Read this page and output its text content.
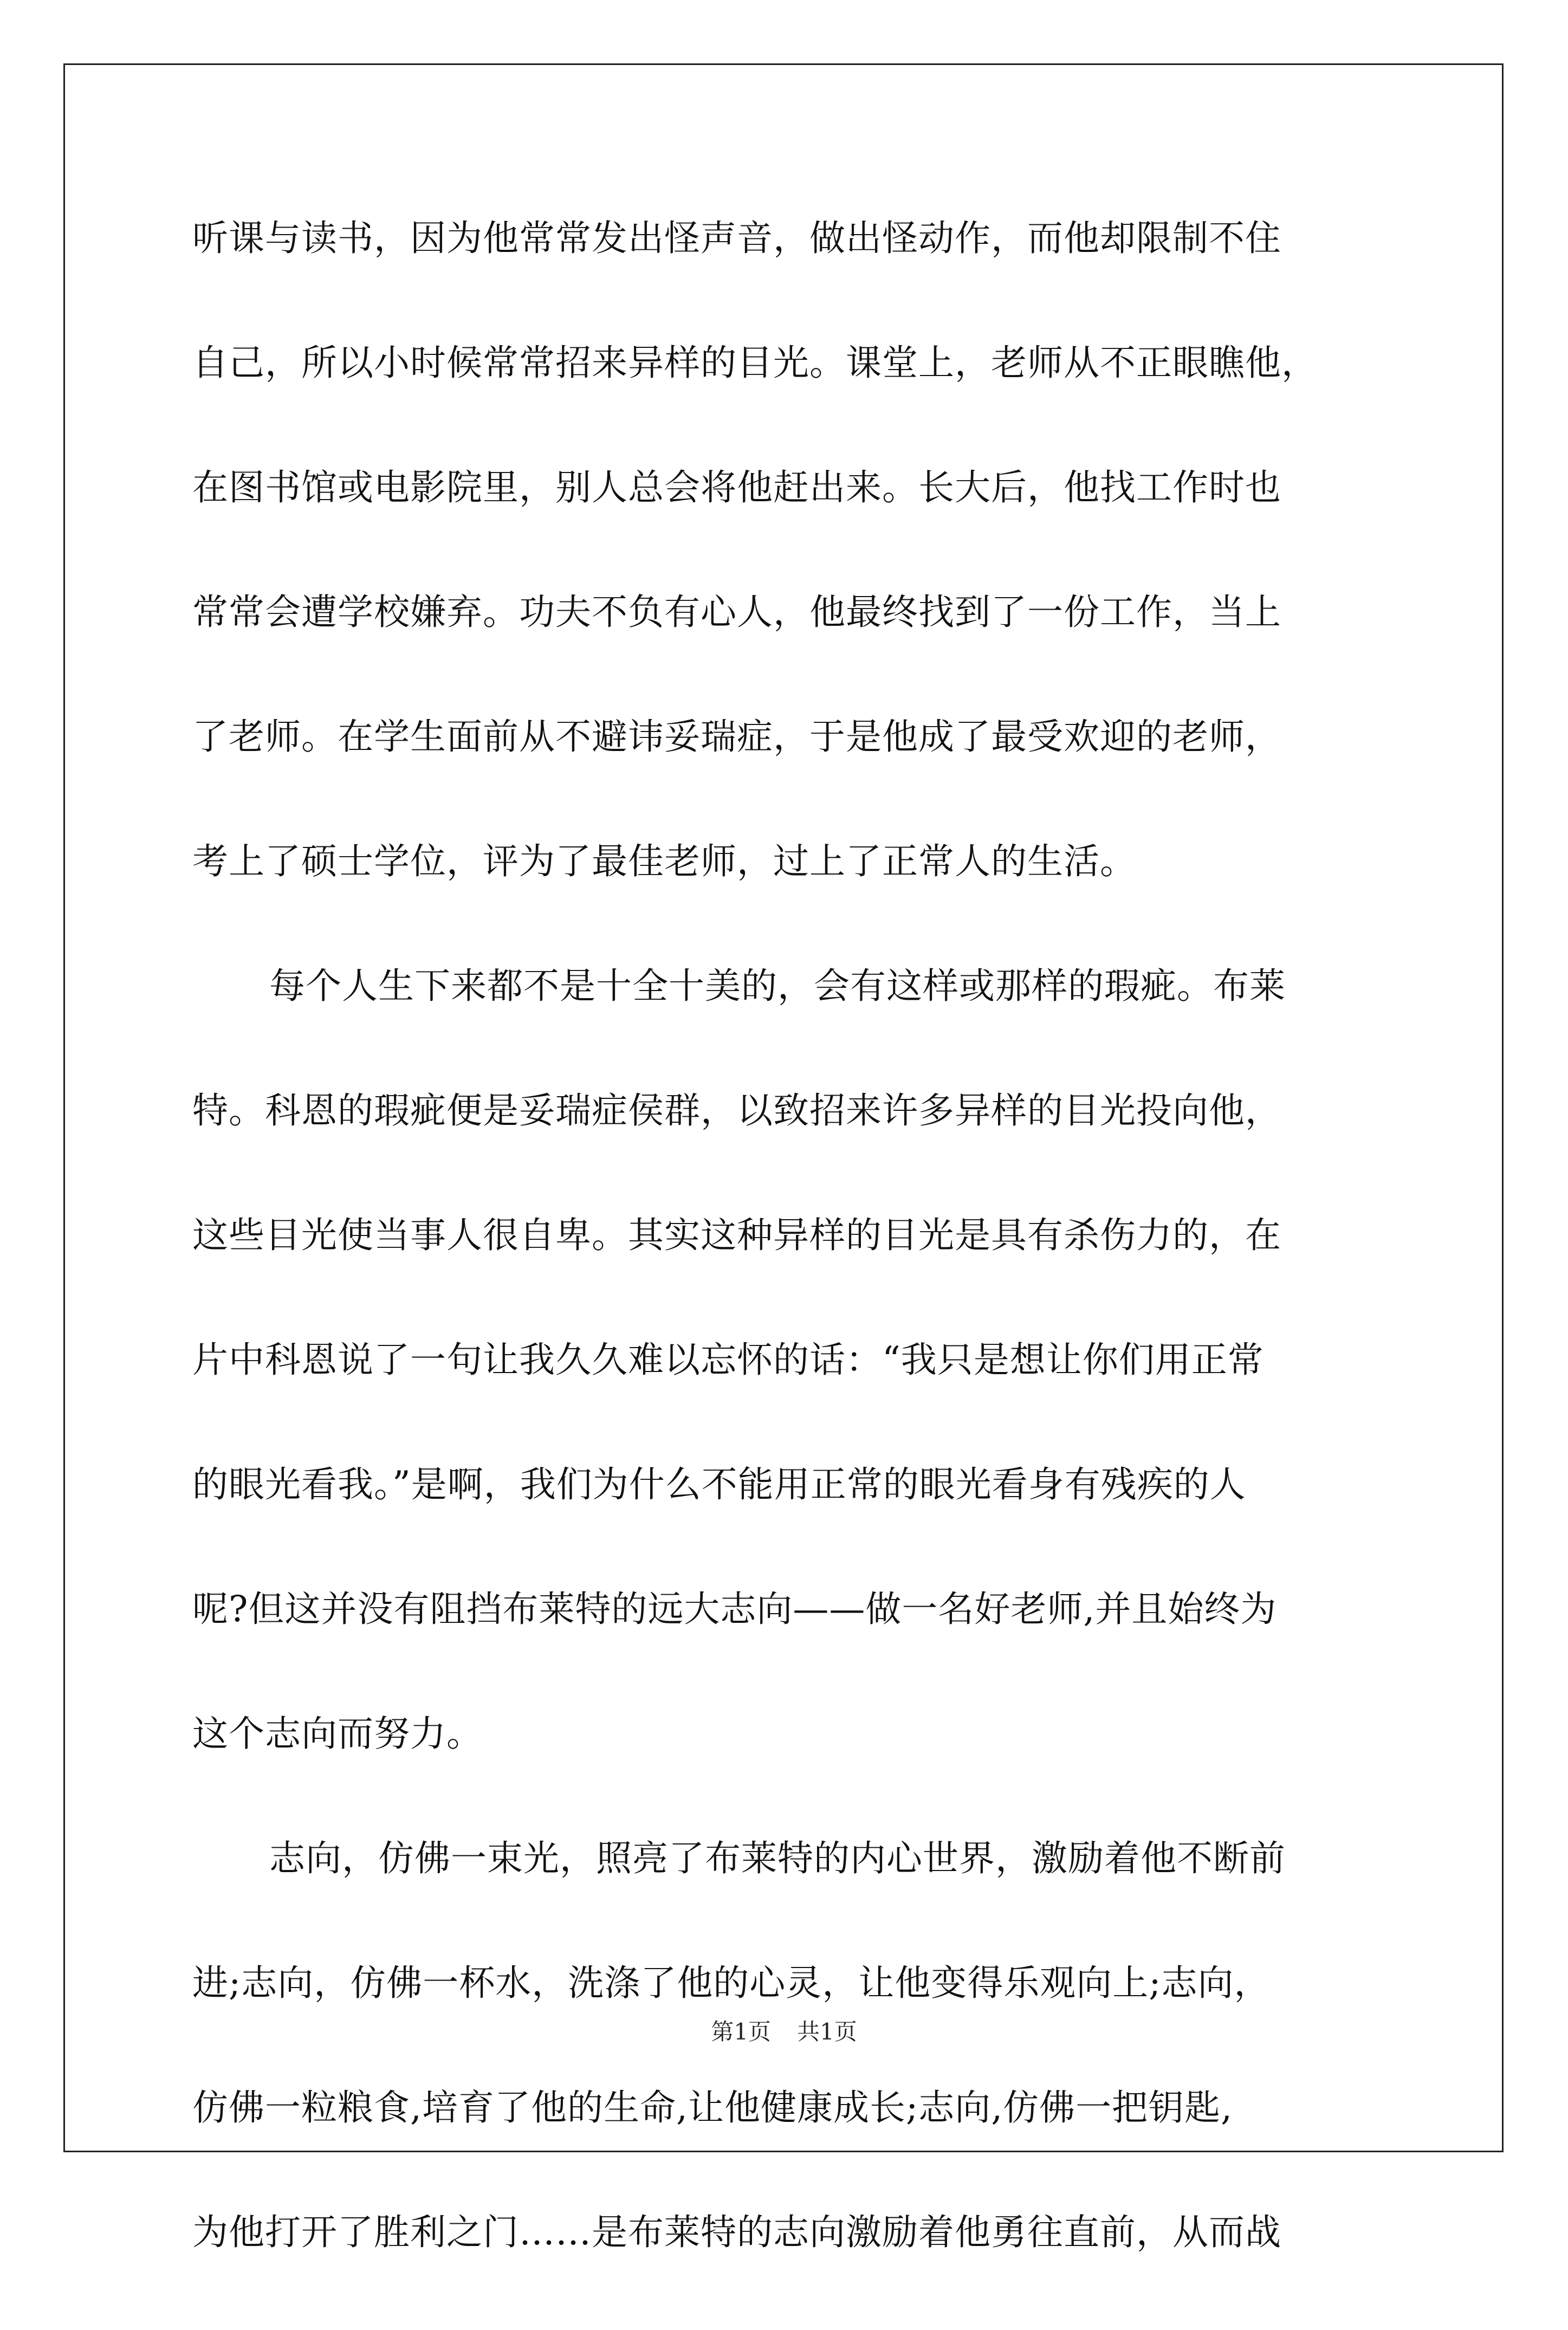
听课与读书，因为他常常发出怪声音，做出怪动作，而他却限制不住
自己，所以小时候常常招来异样的目光。课堂上，老师从不正眼瞧他，
在图书馆或电影院里，别人总会将他赶出来。长大后，他找工作时也
常常会遭学校嫌弃。功夫不负有心人，他最终找到了一份工作，当上
了老师。在学生面前从不避讳妥瑞症，于是他成了最受欢迎的老师，
考上了硕士学位，评为了最佳老师，过上了正常人的生活。
每个人生下来都不是十全十美的，会有这样或那样的瑕疵。布莱
特。科恩的瑕疵便是妥瑞症侯群，以致招来许多异样的目光投向他，
这些目光使当事人很自卑。其实这种异样的目光是具有杀伤力的，在
片中科恩说了一句让我久久难以忘怀的话：“我只是想让你们用正常
的眼光看我。”是啊，我们为什么不能用正常的眼光看身有残疾的人
呢?但这并没有阻挡布莱特的远大志向——做一名好老师,并且始终为
这个志向而努力。
志向，仿佛一束光，照亮了布莱特的内心世界，激励着他不断前
进;志向，仿佛一杯水，洗涤了他的心灵，让他变得乐观向上;志向，
仿佛一粒粮食,培育了他的生命,让他健康成长;志向,仿佛一把钥匙,
为他打开了胜利之门……是布莱特的志向激励着他勇往直前，从而战
第1页 共1页
